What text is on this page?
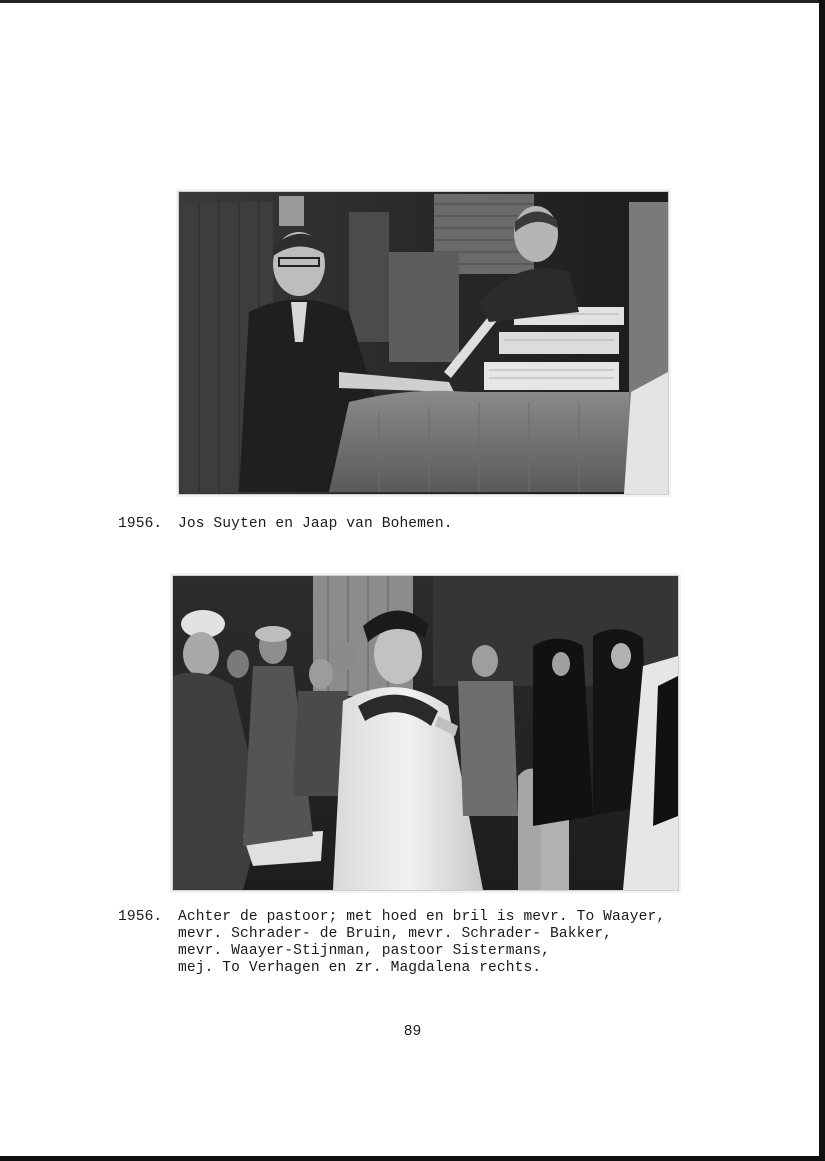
1956. Jos Suyten en Jaap van Bohemen.
1956. Achter de pastoor; met hoed en bril is mevr. To Waayer,
mevr. Schrader- de Bruin, mevr. Schrader- Bakker,
mevr. Waayer-Stijnman, pastoor Sistermans,
mej. To Verhagen en zr. Magdalena rechts.
89
